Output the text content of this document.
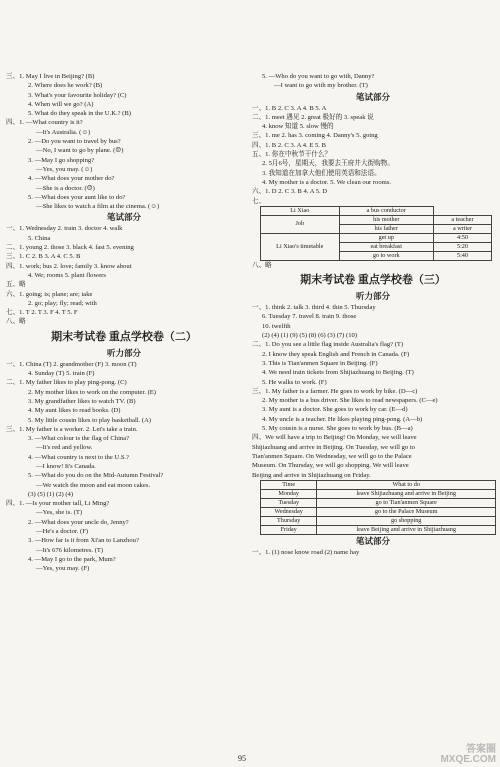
三、1. May I live in Beijing? (B)
2. Where does he work? (B)
3. What's your favourite holiday? (C)
4. When will we go? (A)
5. What do they speak in the U.K.? (B)
四、1. —What country is it?
—It's Australia. (☺)
2. —Do you want to travel by bus?
—No, I want to go by plane. (☹)
3. —May I go shopping?
—Yes, you may. (☺)
4. —What does your mother do?
—She is a doctor. (☹)
5. —What does your aunt like to do?
—She likes to watch a film at the cinema. (☺)
笔试部分
一、1. Wednesday 2. train 3. doctor 4. walk
5. China
二、1. young 2. those 3. black 4. fast 5. evening
三、1. C 2. B 3. A 4. C 5. B
四、1. work; bus 2. love; family 3. know about
4. We; rooms 5. plant flowers
五、略
六、1. going; is; plane; are; take
2. go; play; fly; read; with
七、1. T 2. T 3. F 4. T 5. F
八、略
期末考试卷 重点学校卷（二）
听力部分
一、1. China (T) 2. grandmother (F) 3. moon (T)
4. Sunday (T) 5. train (F)
二、1. My father likes to play ping-pong. (C)
2. My mother likes to work on the computer. (E)
3. My grandfather likes to watch TV. (B)
4. My aunt likes to read books. (D)
5. My little cousin likes to play basketball. (A)
三、1. My father is a worker. 2. Let's take a train.
3. —What colour is the flag of China?
—It's red and yellow.
4. —What country is next to the U.S.?
—I know! It's Canada.
5. —What do you do on the Mid-Autumn Festival?
—We watch the moon and eat moon cakes.
(3) (5) (1) (2) (4)
四、1. —Is your mother tall, Li Ming?
—Yes, she is. (T)
2. —What does your uncle do, Jenny?
—He's a doctor. (F)
3. —How far is it from Xi'an to Lanzhou?
—It's 676 kilometres. (T)
4. —May I go to the park, Mum?
—Yes, you may. (F)
5. —Who do you want to go with, Danny?
—I want to go with my brother. (T)
笔试部分
一、1. B 2. C 3. A 4. B 5. A
二、1. meet 遇见 2. great 极好的 3. speak 说
4. know 知道 5. slow 慢的
三、1. me 2. has 3. coming 4. Danny's 5. going
四、1. B 2. C 3. A 4. E 5. B
五、1. 你在中秋节干什么？
2. 5月6号，星期天，我要去王府井大街购物。
3. 我知道在加拿大他们使用英语和法语。
4. My mother is a doctor. 5. We clean our rooms.
六、1. D 2. C 3. B 4. A 5. D
七、
Li Xiao	a bus conductor	
Job	his mother	a teacher
	his father	a writer
Li Xiao's timetable	get up	4:50
	eat breakfast	5:20
	go to work	5:40
八、略
期末考试卷 重点学校卷（三）
听力部分
一、1. think 2. talk 3. third 4. thin 5. Thursday
6. Tuesday 7. travel 8. train 9. those
10. twelfth
(2) (4) (1) (9) (5) (8) (6) (3) (7) (10)
二、1. Do you see a little flag inside Australia's flag? (T)
2. I know they speak English and French in Canada. (F)
3. This is Tian'anmen Square in Beijing. (F)
4. We need train tickets from Shijiazhuang to Beijing. (T)
5. He walks to work. (F)
三、1. My father is a farmer. He goes to work by bike. (D—c)
2. My mother is a bus driver. She likes to read newspapers. (C—e)
3. My aunt is a doctor. She goes to work by car. (E—d)
4. My uncle is a teacher. He likes playing ping-pong. (A—b)
5. My cousin is a nurse. She goes to work by bus. (B—a)
四、We will have a trip to Beijing! On Monday, we will leave
Shijiazhuang and arrive in Beijing. On Tuesday, we will go to
Tian'anmen Square. On Wednesday, we will go to the Palace
Museum. On Thursday, we will go shopping. We will leave
Beijing and arrive in Shijiazhuang on Friday.
Time	What to do
Monday	leave Shijiazhuang and arrive in Beijing
Tuesday	go to Tian'anmen Square
Wednesday	go to the Palace Museum
Thursday	go shopping
Friday	leave Beijing and arrive in Shijiazhuang
笔试部分
一、1. (1) nose know road (2) name hay
95
答案圈 MXQE.COM
